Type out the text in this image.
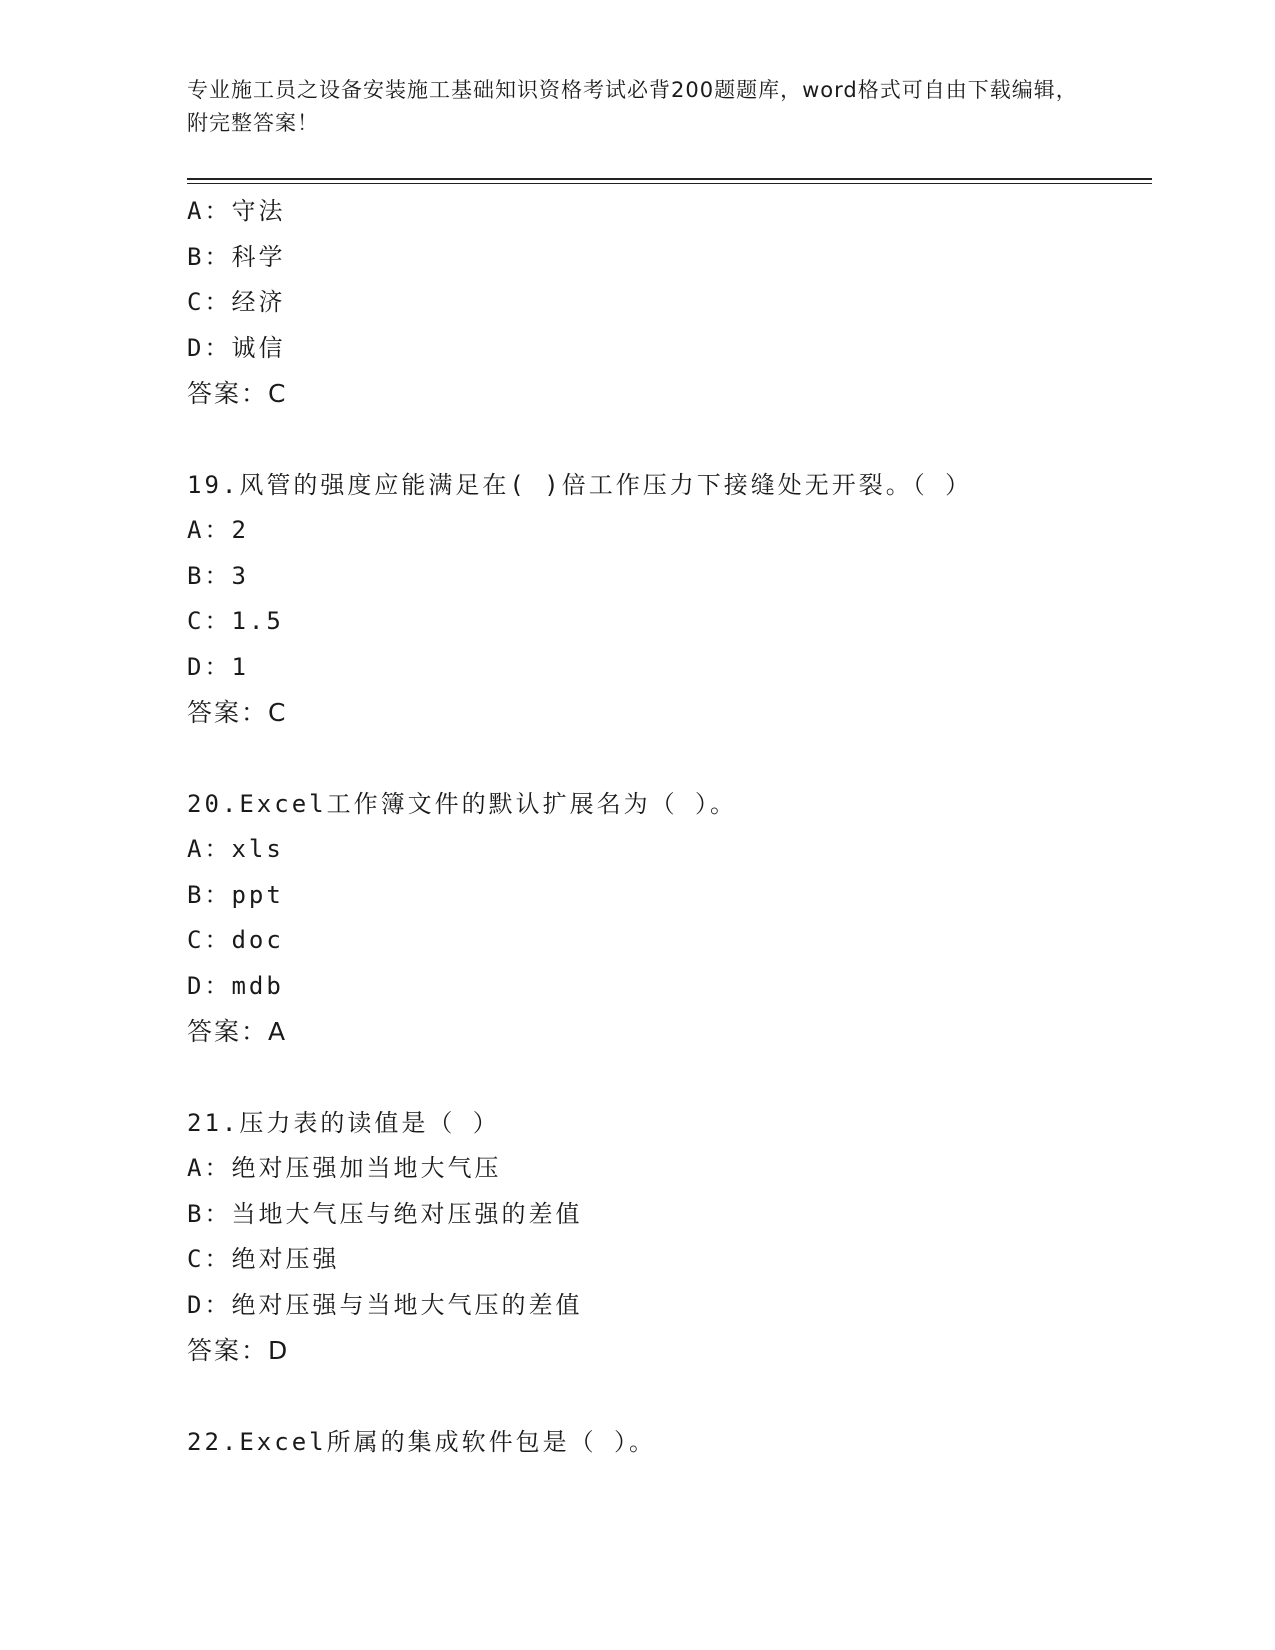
专业施工员之设备安装施工基础知识资格考试必背200题题库，word格式可自由下载编辑，附完整答案！
A：守法
B：科学
C：经济
D：诚信
答案：C
19.风管的强度应能满足在( )倍工作压力下接缝处无开裂。（ ）
A：2
B：3
C：1.5
D：1
答案：C
20.Excel工作簿文件的默认扩展名为（ ）。
A：xls
B：ppt
C：doc
D：mdb
答案：A
21.压力表的读值是（ ）
A：绝对压强加当地大气压
B：当地大气压与绝对压强的差值
C：绝对压强
D：绝对压强与当地大气压的差值
答案：D
22.Excel所属的集成软件包是（ ）。
